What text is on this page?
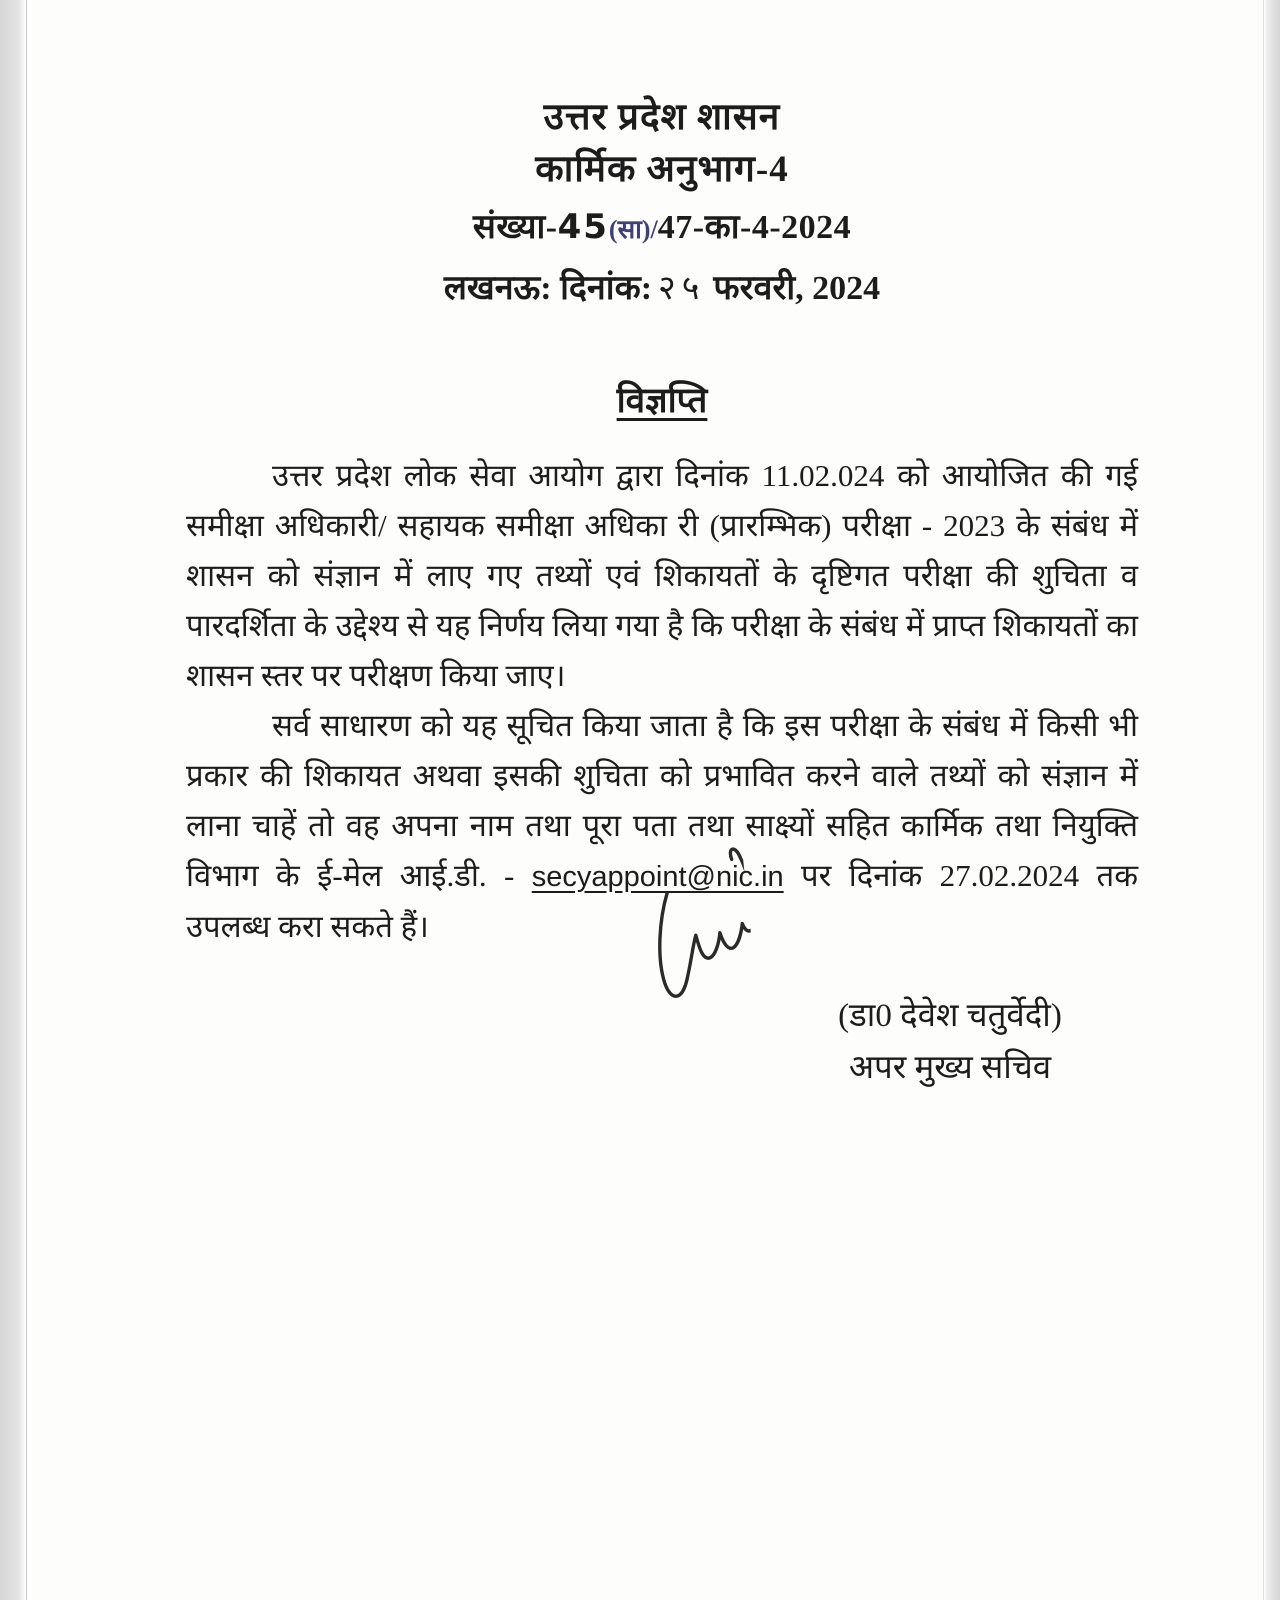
उत्तर प्रदेश शासन
कार्मिक अनुभाग-4
संख्या-45(सा)/47-का-4-2024
लखनऊ: दिनांक: २५ फरवरी, 2024
विज्ञप्ति

उत्तर प्रदेश लोक सेवा आयोग द्वारा दिनांक 11.02.024 को आयोजित की गई समीक्षा अधिकारी/ सहायक समीक्षा अधिका री (प्रारम्भिक) परीक्षा - 2023 के संबंध में शासन को संज्ञान में लाए गए तथ्यों एवं शिकायतों के दृष्टिगत परीक्षा की शुचिता व पारदर्शिता के उद्देश्य से यह निर्णय लिया गया है कि परीक्षा के संबंध में प्राप्त शिकायतों का शासन स्तर पर परीक्षण किया जाए।

सर्व साधारण को यह सूचित किया जाता है कि इस परीक्षा के संबंध में किसी भी प्रकार की शिकायत अथवा इसकी शुचिता को प्रभावित करने वाले तथ्यों को संज्ञान में लाना चाहें तो वह अपना नाम तथा पूरा पता तथा साक्ष्यों सहित कार्मिक तथा नियुक्ति विभाग के ई-मेल आई.डी. - secyappoint@nic.in पर दिनांक 27.02.2024 तक उपलब्ध करा सकते हैं।

(डा0 देवेश चतुर्वेदी)
अपर मुख्य सचिव
